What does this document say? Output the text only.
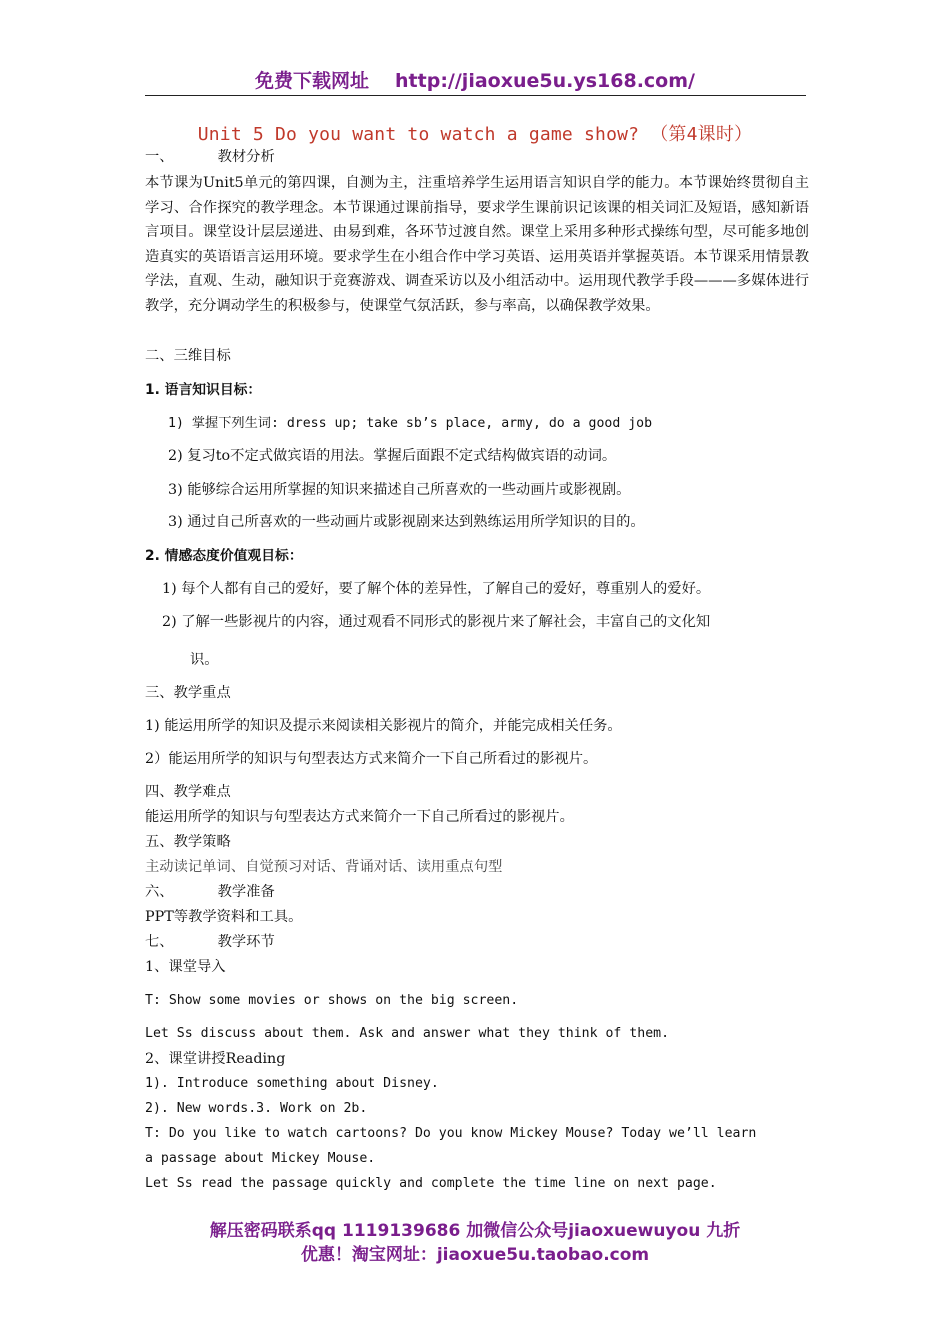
免费下载网址 http://jiaoxue5u.ys168.com/
Unit 5 Do you want to watch a game show? （第4课时）
一、	教材分析
本节课为Unit5单元的第四课，自测为主，注重培养学生运用语言知识自学的能力。本节课始终贯彻自主学习、合作探究的教学理念。本节课通过课前指导，要求学生课前识记该课的相关词汇及短语，感知新语言项目。课堂设计层层递进、由易到难，各环节过渡自然。课堂上采用多种形式操练句型，尽可能多地创造真实的英语语言运用环境。要求学生在小组合作中学习英语、运用英语并掌握英语。本节课采用情景教学法，直观、生动，融知识于竞赛游戏、调查采访以及小组活动中。运用现代教学手段———多媒体进行教学，充分调动学生的积极参与，使课堂气氛活跃，参与率高，以确保教学效果。
二、三维目标
1. 语言知识目标：
1) 掌握下列生词: dress up; take sb’s place, army, do a good job
2) 复习to不定式做宾语的用法。掌握后面跟不定式结构做宾语的动词。
3) 能够综合运用所掌握的知识来描述自己所喜欢的一些动画片或影视剧。
3) 通过自己所喜欢的一些动画片或影视剧来达到熟练运用所学知识的目的。
2. 情感态度价值观目标：
1) 每个人都有自己的爱好，要了解个体的差异性，了解自己的爱好，尊重别人的爱好。
2) 了解一些影视片的内容，通过观看不同形式的影视片来了解社会，丰富自己的文化知
识。
三、教学重点
1) 能运用所学的知识及提示来阅读相关影视片的简介，并能完成相关任务。
2）能运用所学的知识与句型表达方式来简介一下自己所看过的影视片。
四、教学难点
能运用所学的知识与句型表达方式来简介一下自己所看过的影视片。
五、教学策略
主动读记单词、自觉预习对话、背诵对话、读用重点句型
六、	教学准备
PPT等教学资料和工具。
七、	教学环节
1、课堂导入
T: Show some movies or shows on the big screen.
Let Ss discuss about them. Ask and answer what they think of them.
2、课堂讲授Reading
1). Introduce something about Disney.
2). New words.3. Work on 2b.
T: Do you like to watch cartoons? Do you know Mickey Mouse? Today we’ll learn
a passage about Mickey Mouse.
Let Ss read the passage quickly and complete the time line on next page.
解压密码联系qq 1119139686 加微信公众号jiaoxuewuyou 九折
优惠！淘宝网址：jiaoxue5u.taobao.com
